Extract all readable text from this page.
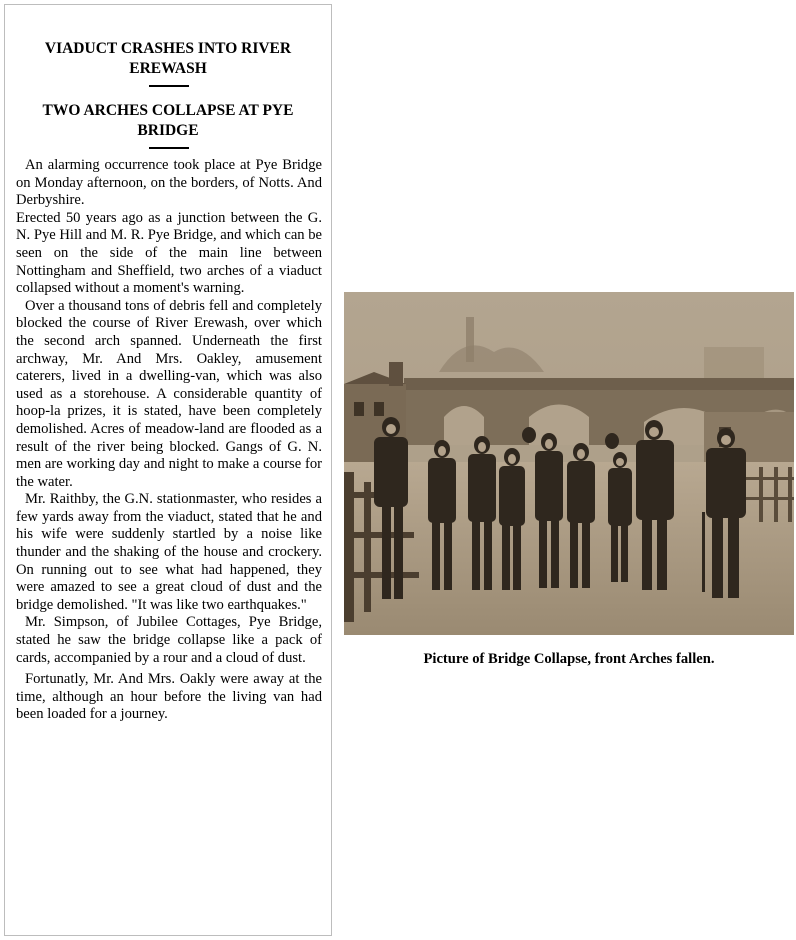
VIADUCT CRASHES INTO RIVER EREWASH
TWO ARCHES COLLAPSE AT PYE BRIDGE

An alarming occurrence took place at Pye Bridge on Monday afternoon, on the borders, of Notts. And Derbyshire.

Erected 50 years ago as a junction between the G. N. Pye Hill and M. R. Pye Bridge, and which can be seen on the side of the main line between Nottingham and Sheffield, two arches of a viaduct collapsed without a moment's warning.

Over a thousand tons of debris fell and completely blocked the course of River Erewash, over which the second arch spanned. Underneath the first archway, Mr. And Mrs. Oakley, amusement caterers, lived in a dwelling-van, which was also used as a storehouse. A considerable quantity of hoop-la prizes, it is stated, have been completely demolished. Acres of meadow-land are flooded as a result of the river being blocked. Gangs of G. N. men are working day and night to make a course for the water.

Mr. Raithby, the G.N. stationmaster, who resides a few yards away from the viaduct, stated that he and his wife were suddenly startled by a noise like thunder and the shaking of the house and crockery. On running out to see what had happened, they were amazed to see a great cloud of dust and the bridge demolished. "It was like two earthquakes."

Mr. Simpson, of Jubilee Cottages, Pye Bridge, stated he saw the bridge collapse like a pack of cards, accompanied by a rour and a cloud of dust.

Fortunatly, Mr. And Mrs. Oakly were away at the time, although an hour before the living van had been loaded for a journey.

Picture of Bridge Collapse, front Arches fallen.
